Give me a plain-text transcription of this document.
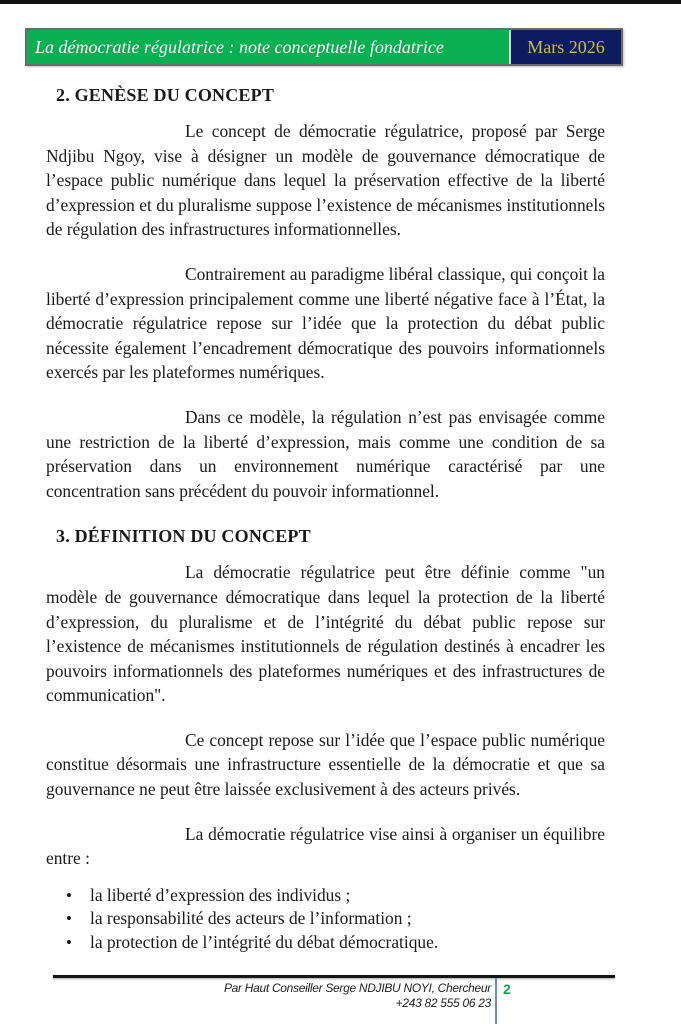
La démocratie régulatrice : note conceptuelle fondatrice	Mars 2026
2. GENÈSE DU CONCEPT

Le concept de démocratie régulatrice, proposé par Serge Ndjibu Ngoy, vise à désigner un modèle de gouvernance démocratique de l’espace public numérique dans lequel la préservation effective de la liberté d’expression et du pluralisme suppose l’existence de mécanismes institutionnels de régulation des infrastructures informationnelles.

Contrairement au paradigme libéral classique, qui conçoit la liberté d’expression principalement comme une liberté négative face à l’État, la démocratie régulatrice repose sur l’idée que la protection du débat public nécessite également l’encadrement démocratique des pouvoirs informationnels exercés par les plateformes numériques.

Dans ce modèle, la régulation n’est pas envisagée comme une restriction de la liberté d’expression, mais comme une condition de sa préservation dans un environnement numérique caractérisé par une concentration sans précédent du pouvoir informationnel.

3. DÉFINITION DU CONCEPT

La démocratie régulatrice peut être définie comme "un modèle de gouvernance démocratique dans lequel la protection de la liberté d’expression, du pluralisme et de l’intégrité du débat public repose sur l’existence de mécanismes institutionnels de régulation destinés à encadrer les pouvoirs informationnels des plateformes numériques et des infrastructures de communication".

Ce concept repose sur l’idée que l’espace public numérique constitue désormais une infrastructure essentielle de la démocratie et que sa gouvernance ne peut être laissée exclusivement à des acteurs privés.

La démocratie régulatrice vise ainsi à organiser un équilibre entre :

•	la liberté d’expression des individus ;
•	la responsabilité des acteurs de l’information ;
•	la protection de l’intégrité du débat démocratique.
Par Haut Conseiller Serge NDJIBU NOYI, Chercheur
+243 82 555 06 23
2
